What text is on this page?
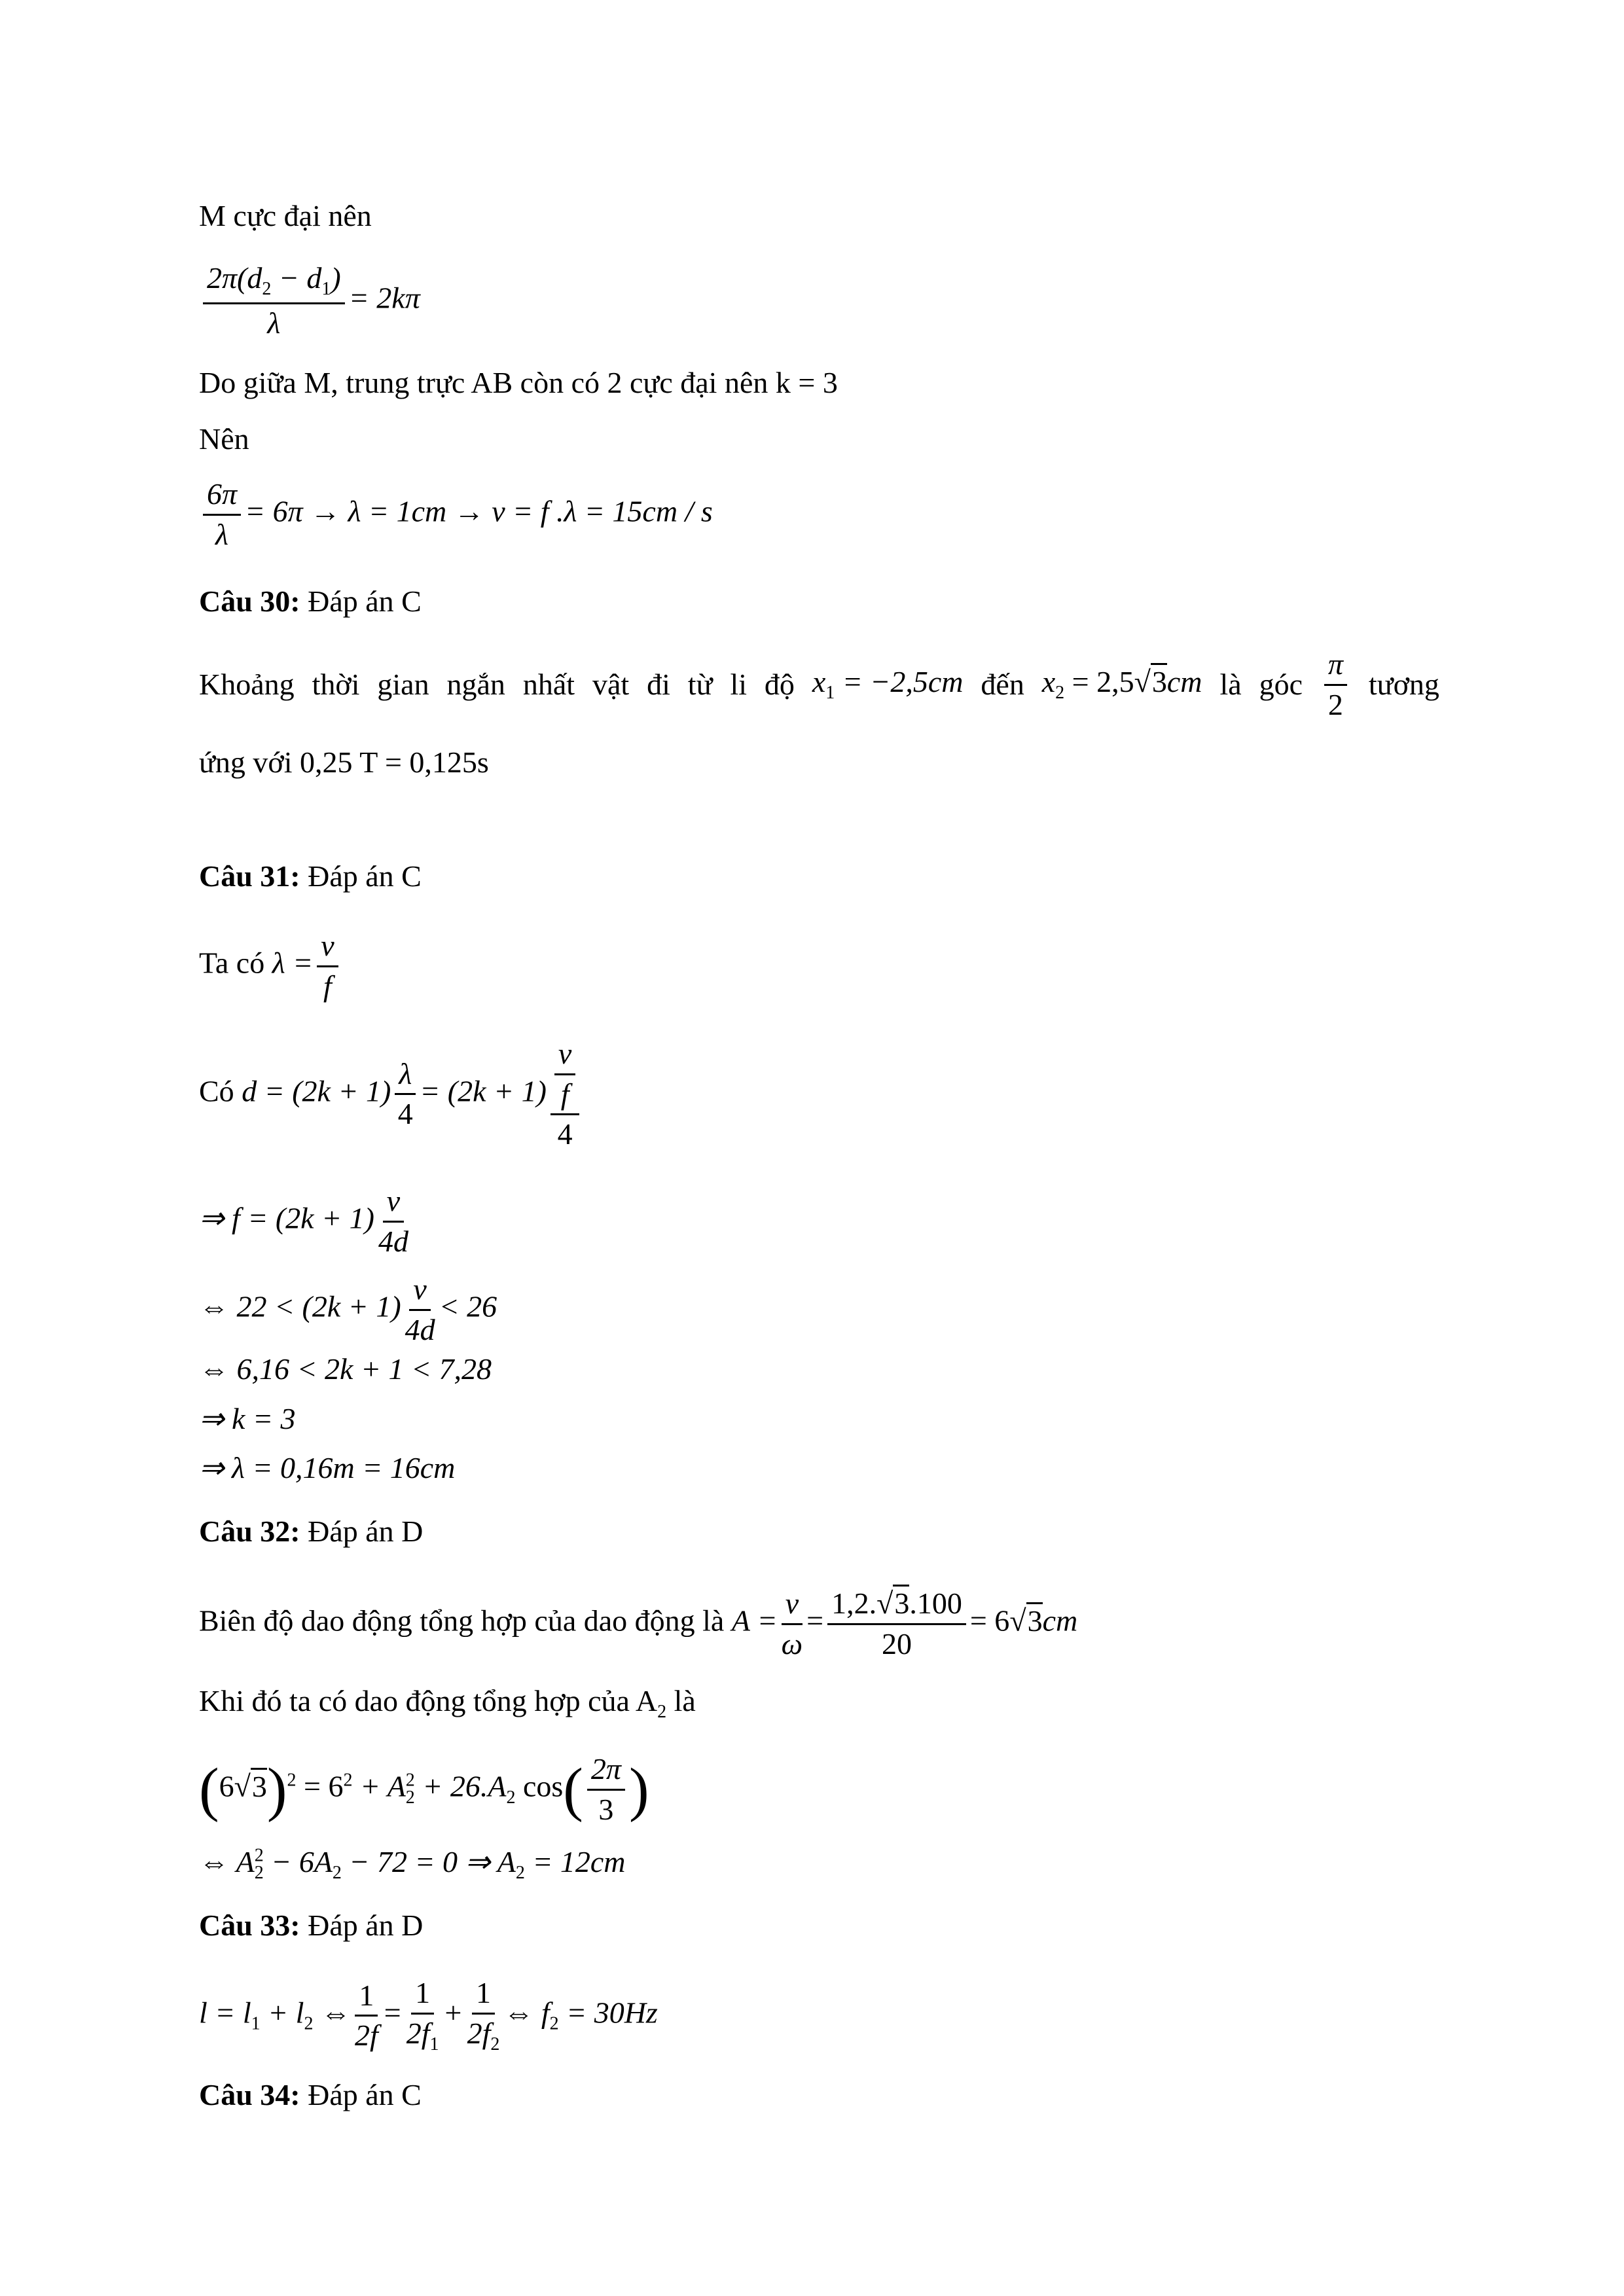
M cực đại nên
$\frac{2\pi(d_2 - d_1)}{\lambda} = 2k\pi$
Do giữa M, trung trực AB còn có 2 cực đại nên k = 3
Nên
$\frac{6\pi}{\lambda} = 6\pi \to \lambda = 1cm \to v = f$ .λ = 15cm / s
Câu 30: Đáp án C
Khoảng thời gian ngắn nhất vật đi từ li độ $x_1 = -2,5cm$ đến $x_2 = 2,5√3cm$ là góc $\frac{\pi}{2}$ tương
ứng với 0,25 T = 0,125s
Câu 31: Đáp án C
Ta có $\lambda = \frac{v}{f}$
Có $d = (2k + 1) \frac{\lambda}{4} = (2k + 1) \frac{\frac{v}{f}}{4}$
⇒ $f = (2k + 1) \frac{v}{4d}$
⇔ $22 < (2k + 1) \frac{v}{4d} < 26$
⇔ 6,16 < 2k + 1 < 7,28
⇒ k = 3
⇒ λ = 0,16m = 16cm
Câu 32: Đáp án D
Biên độ dao động tổng hợp của dao động là $A = \frac{v}{\omega} = \frac{1,2.√3.100}{20} = 6√3cm$
Khi đó ta có dao động tổng hợp của $A_2$ là
$(6√3)^2 = 6^2 + A^2_2 + 26.A_2$ $\cos( \frac{2\pi}{3}$ )
⇔ $A^2_2 - 6A_2 - 72 = 0$ ⇒ $A_2 = 12cm$
Câu 33: Đáp án D
$l = l_1 + l_2$ ⇔ $\frac{1}{2f} = \frac{1}{2f_1} + \frac{1}{2f_2}$ ⇔ $f_2 = 30Hz$
Câu 34: Đáp án C
